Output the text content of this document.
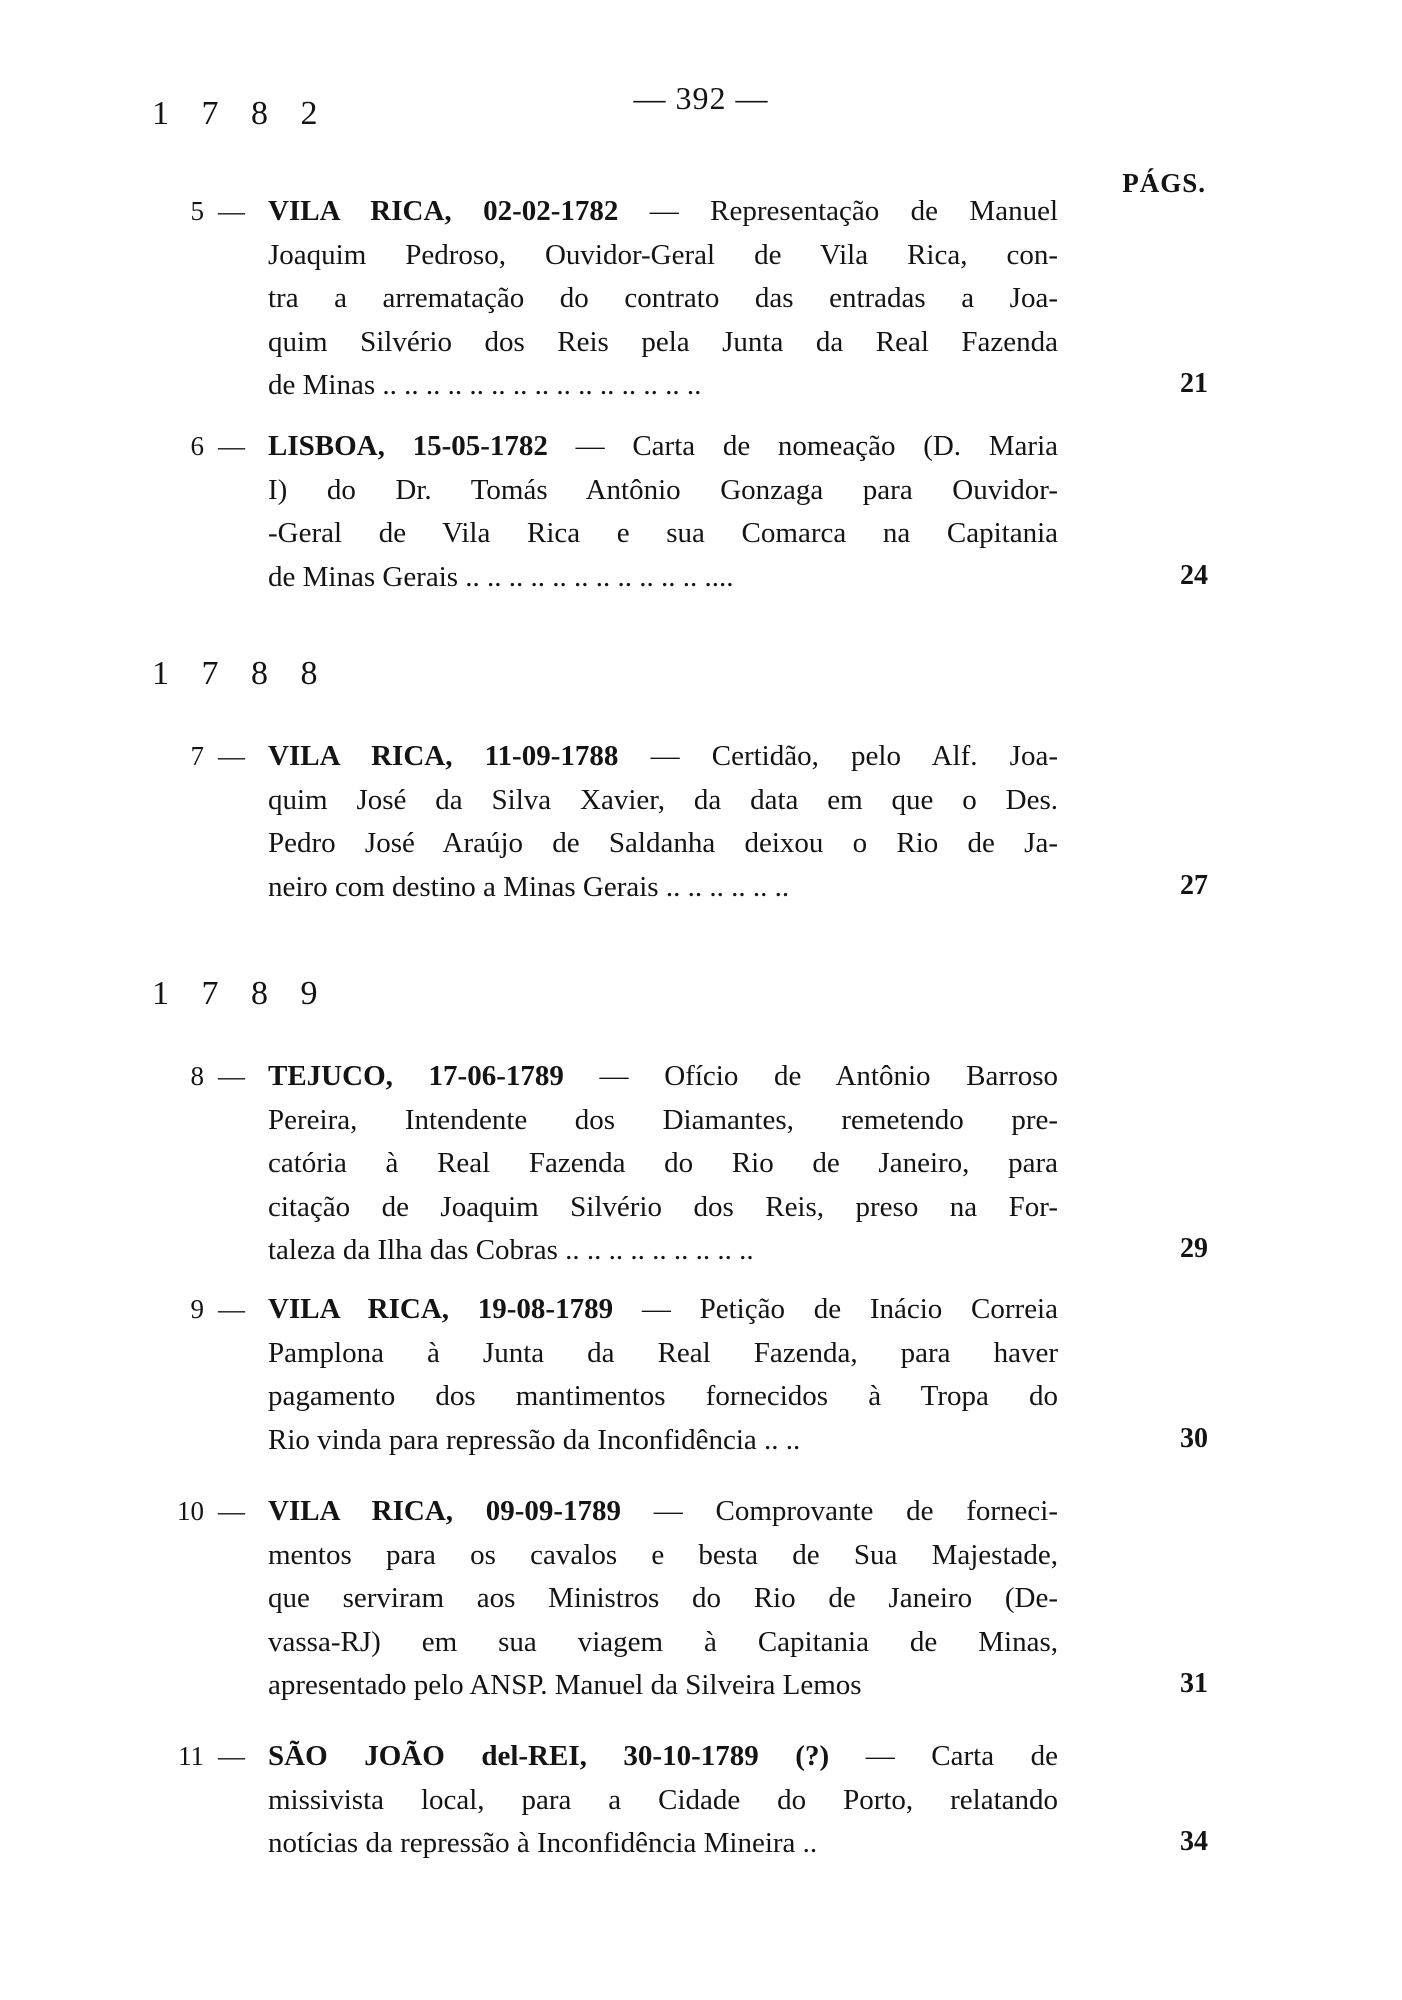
— 392 —
PÁGS.
1 7 8 2
5 — VILA RICA, 02-02-1782 — Representação de Manuel
Joaquim Pedroso, Ouvidor-Geral de Vila Rica, con-
tra a arrematação do contrato das entradas a Joa-
quim Silvério dos Reis pela Junta da Real Fazenda
de Minas .. .. .. .. .. .. .. .. .. .. .. .. .. .. ..	21
6 — LISBOA, 15-05-1782 — Carta de nomeação (D. Maria
I) do Dr. Tomás Antônio Gonzaga para Ouvidor-
-Geral de Vila Rica e sua Comarca na Capitania
de Minas Gerais .. .. .. .. .. .. .. .. .. .. .. ....	24
1 7 8 8
7 — VILA RICA, 11-09-1788 — Certidão, pelo Alf. Joa-
quim José da Silva Xavier, da data em que o Des.
Pedro José Araújo de Saldanha deixou o Rio de Ja-
neiro com destino a Minas Gerais .. .. .. .. .. ..	27
1 7 8 9
8 — TEJUCO, 17-06-1789 — Ofício de Antônio Barroso
Pereira, Intendente dos Diamantes, remetendo pre-
catória à Real Fazenda do Rio de Janeiro, para
citação de Joaquim Silvério dos Reis, preso na For-
taleza da Ilha das Cobras .. .. .. .. .. .. .. .. ..	29
9 — VILA RICA, 19-08-1789 — Petição de Inácio Correia
Pamplona à Junta da Real Fazenda, para haver
pagamento dos mantimentos fornecidos à Tropa do
Rio vinda para repressão da Inconfidência .. ..	30
10 — VILA RICA, 09-09-1789 — Comprovante de forneci-
mentos para os cavalos e besta de Sua Majestade,
que serviram aos Ministros do Rio de Janeiro (De-
vassa-RJ) em sua viagem à Capitania de Minas,
apresentado pelo ANSP. Manuel da Silveira Lemos	31
11 — SÃO JOÃO del-REI, 30-10-1789 (?) — Carta de
missivista local, para a Cidade do Porto, relatando
notícias da repressão à Inconfidência Mineira ..	34
